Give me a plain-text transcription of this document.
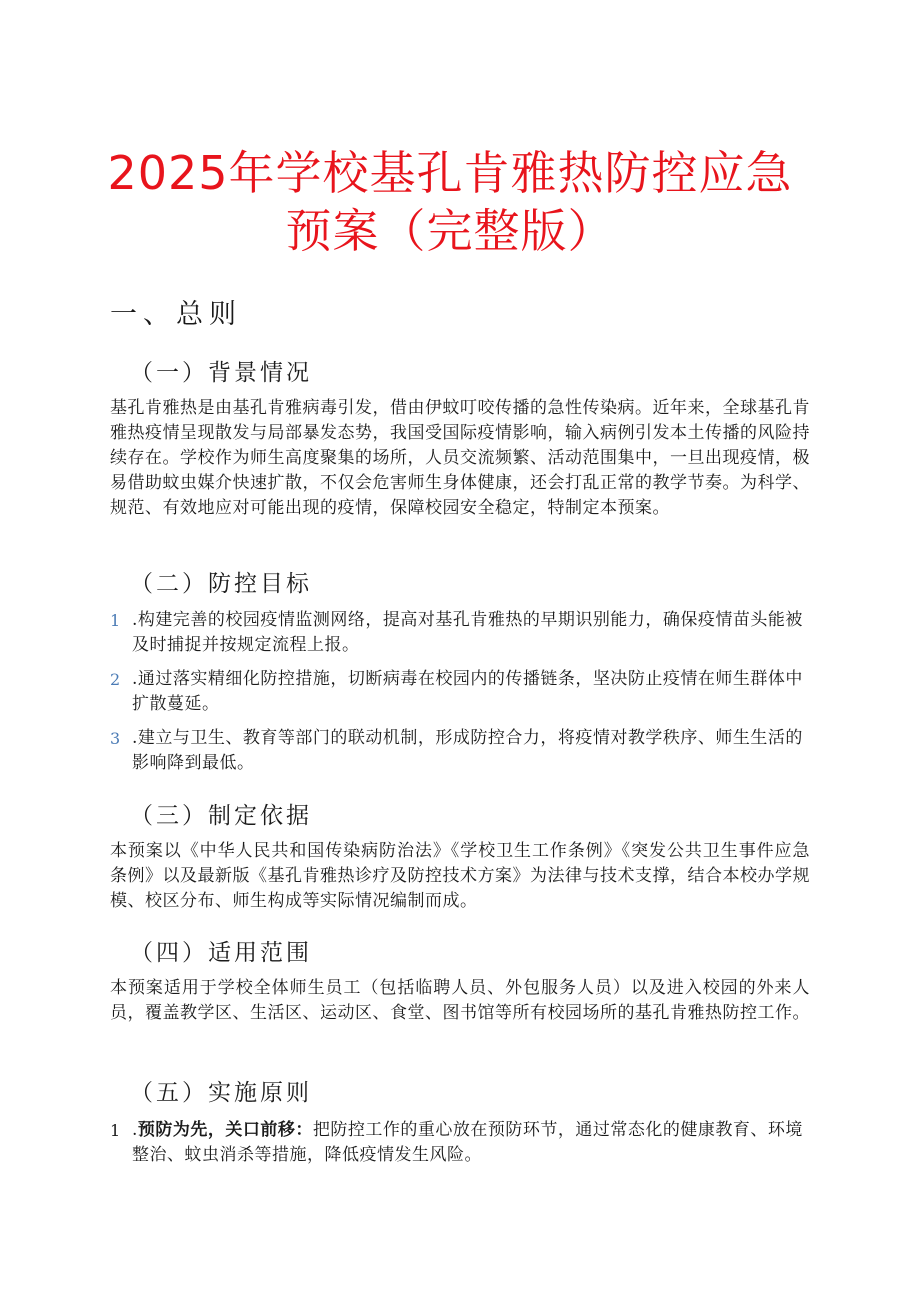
2025年学校基孔肯雅热防控应急
预案（完整版）
一、总则
（一）背景情况
基孔肯雅热是由基孔肯雅病毒引发，借由伊蚊叮咬传播的急性传染病。近年来，全球基孔肯雅热疫情呈现散发与局部暴发态势，我国受国际疫情影响，输入病例引发本土传播的风险持续存在。学校作为师生高度聚集的场所，人员交流频繁、活动范围集中，一旦出现疫情，极易借助蚊虫媒介快速扩散，不仅会危害师生身体健康，还会打乱正常的教学节奏。为科学、规范、有效地应对可能出现的疫情，保障校园安全稳定，特制定本预案。
（二）防控目标
1 .构建完善的校园疫情监测网络，提高对基孔肯雅热的早期识别能力，确保疫情苗头能被及时捕捉并按规定流程上报。
2 .通过落实精细化防控措施，切断病毒在校园内的传播链条，坚决防止疫情在师生群体中扩散蔓延。
3 .建立与卫生、教育等部门的联动机制，形成防控合力，将疫情对教学秩序、师生生活的影响降到最低。
（三）制定依据
本预案以《中华人民共和国传染病防治法》《学校卫生工作条例》《突发公共卫生事件应急条例》以及最新版《基孔肯雅热诊疗及防控技术方案》为法律与技术支撑，结合本校办学规模、校区分布、师生构成等实际情况编制而成。
（四）适用范围
本预案适用于学校全体师生员工（包括临聘人员、外包服务人员）以及进入校园的外来人员，覆盖教学区、生活区、运动区、食堂、图书馆等所有校园场所的基孔肯雅热防控工作。
（五）实施原则
1 .预防为先，关口前移：把防控工作的重心放在预防环节，通过常态化的健康教育、环境整治、蚊虫消杀等措施，降低疫情发生风险。
